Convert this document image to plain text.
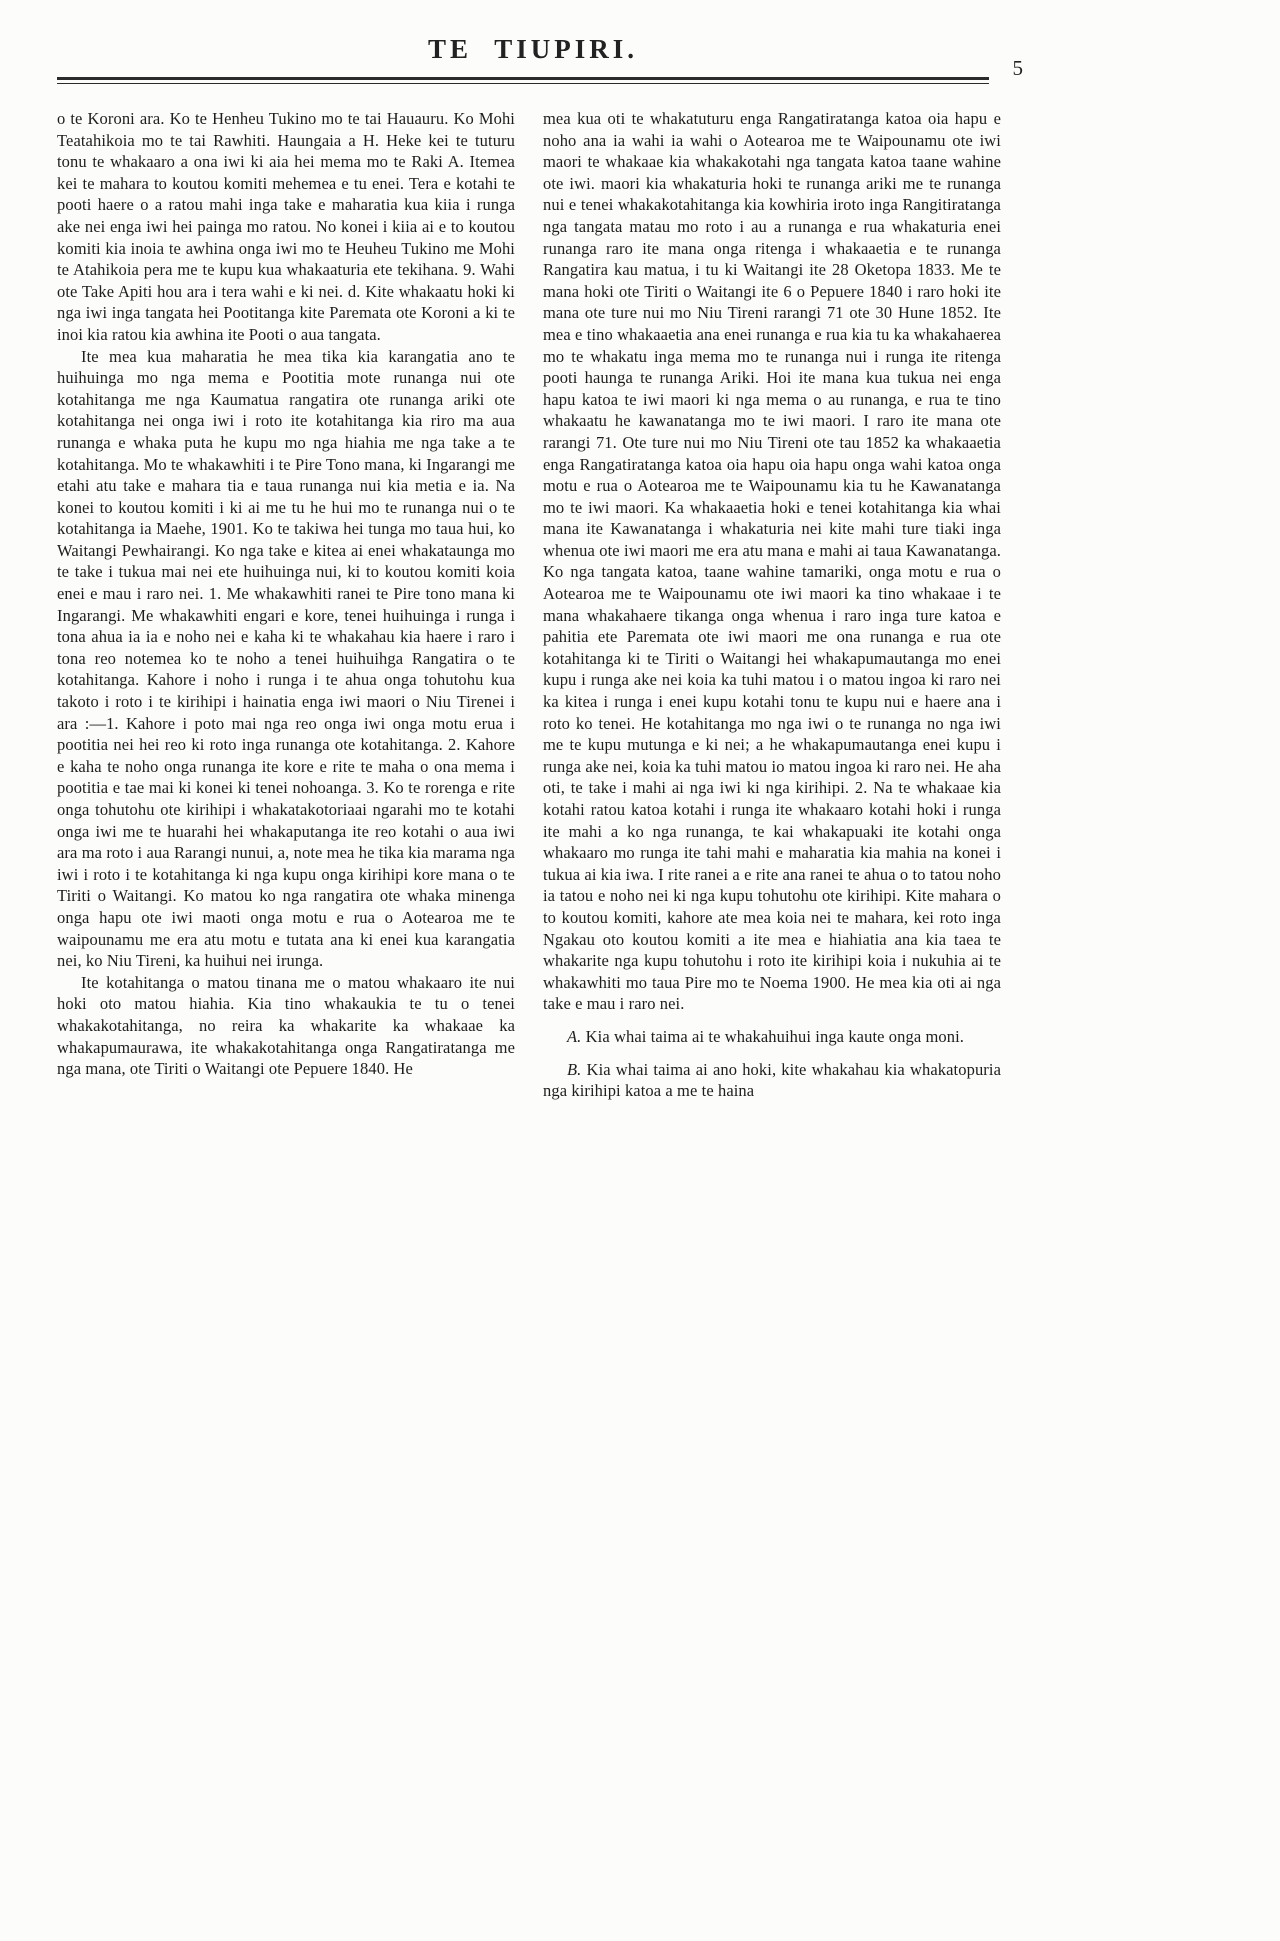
TE TIUPIRI.
5

o te Koroni ara. Ko te Henheu Tukino mo te tai Hauauru. Ko Mohi Teatahikoia mo te tai Rawhiti. Haungaia a H. Heke kei te tuturu tonu te whakaaro a ona iwi ki aia hei mema mo te Raki A. Itemea kei te mahara to koutou komiti mehemea e tu enei. Tera e kotahi te pooti haere o a ratou mahi inga take e maharatia kua kiia i runga ake nei enga iwi hei painga mo ratou. No konei i kiia ai e to koutou komiti kia inoia te awhina onga iwi mo te Heuheu Tukino me Mohi te Atahikoia pera me te kupu kua whakaaturia ete tekihana. 9. Wahi ote Take Apiti hou ara i tera wahi e ki nei. d. Kite whakaatu hoki ki nga iwi inga tangata hei Pootitanga kite Paremata ote Koroni a ki te inoi kia ratou kia awhina ite Pooti o aua tangata.

Ite mea kua maharatia he mea tika kia karangatia ano te huihuinga mo nga mema e Pootitia mote runanga nui ote kotahitanga me nga Kaumatua rangatira ote runanga ariki ote kotahitanga nei onga iwi i roto ite kotahitanga kia riro ma aua runanga e whaka puta he kupu mo nga hiahia me nga take a te kotahitanga. Mo te whakawhiti i te Pire Tono mana, ki Ingarangi me etahi atu take e mahara tia e taua runanga nui kia metia e ia. Na konei to koutou komiti i ki ai me tu he hui mo te runanga nui o te kotahitanga ia Maehe, 1901. Ko te takiwa hei tunga mo taua hui, ko Waitangi Pewhairangi. Ko nga take e kitea ai enei whakataunga mo te take i tukua mai nei ete huihuinga nui, ki to koutou komiti koia enei e mau i raro nei. 1. Me whakawhiti ranei te Pire tono mana ki Ingarangi. Me whakawhiti engari e kore, tenei huihuinga i runga i tona ahua ia ia e noho nei e kaha ki te whakahau kia haere i raro i tona reo notemea ko te noho a tenei huihuihga Rangatira o te kotahitanga. Kahore i noho i runga i te ahua onga tohutohu kua takoto i roto i te kirihipi i hainatia enga iwi maori o Niu Tirenei i ara :—1. Kahore i poto mai nga reo onga iwi onga motu erua i pootitia nei hei reo ki roto inga runanga ote kotahitanga. 2. Kahore e kaha te noho onga runanga ite kore e rite te maha o ona mema i pootitia e tae mai ki konei ki tenei nohoanga. 3. Ko te rorenga e rite onga tohutohu ote kirihipi i whakatakotoriaai ngarahi mo te kotahi onga iwi me te huarahi hei whakaputanga ite reo kotahi o aua iwi ara ma roto i aua Rarangi nunui, a, note mea he tika kia marama nga iwi i roto i te kotahitanga ki nga kupu onga kirihipi kore mana o te Tiriti o Waitangi. Ko matou ko nga rangatira ote whaka minenga onga hapu ote iwi maoti onga motu e rua o Aotearoa me te waipounamu me era atu motu e tutata ana ki enei kua karangatia nei, ko Niu Tireni, ka huihui nei irunga.

Ite kotahitanga o matou tinana me o matou whakaaro ite nui hoki oto matou hiahia. Kia tino whakaukia te tu o tenei whakakotahitanga, no reira ka whakarite ka whakaae ka whakapumaurawa, ite whakakotahitanga onga Rangatiratanga me nga mana, ote Tiriti o Waitangi ote Pepuere 1840. He

mea kua oti te whakatuturu enga Rangatiratanga katoa oia hapu e noho ana ia wahi ia wahi o Aotearoa me te Waipounamu ote iwi maori te whakaae kia whakakotahi nga tangata katoa taane wahine ote iwi. maori kia whakaturia hoki te runanga ariki me te runanga nui e tenei whakakotahitanga kia kowhiria iroto inga Rangitiratanga nga tangata matau mo roto i au a runanga e rua whakaturia enei runanga raro ite mana onga ritenga i whakaaetia e te runanga Rangatira kau matua, i tu ki Waitangi ite 28 Oketopa 1833. Me te mana hoki ote Tiriti o Waitangi ite 6 o Pepuere 1840 i raro hoki ite mana ote ture nui mo Niu Tireni rarangi 71 ote 30 Hune 1852. Ite mea e tino whakaaetia ana enei runanga e rua kia tu ka whakahaerea mo te whakatu inga mema mo te runanga nui i runga ite ritenga pooti haunga te runanga Ariki. Hoi ite mana kua tukua nei enga hapu katoa te iwi maori ki nga mema o au runanga, e rua te tino whakaatu he kawanatanga mo te iwi maori. I raro ite mana ote rarangi 71. Ote ture nui mo Niu Tireni ote tau 1852 ka whakaaetia enga Rangatiratanga katoa oia hapu oia hapu onga wahi katoa onga motu e rua o Aotearoa me te Waipounamu kia tu he Kawanatanga mo te iwi maori. Ka whakaaetia hoki e tenei kotahitanga kia whai mana ite Kawanatanga i whakaturia nei kite mahi ture tiaki inga whenua ote iwi maori me era atu mana e mahi ai taua Kawanatanga. Ko nga tangata katoa, taane wahine tamariki, onga motu e rua o Aotearoa me te Waipounamu ote iwi maori ka tino whakaae i te mana whakahaere tikanga onga whenua i raro inga ture katoa e pahitia ete Paremata ote iwi maori me ona runanga e rua ote kotahitanga ki te Tiriti o Waitangi hei whakapumautanga mo enei kupu i runga ake nei koia ka tuhi matou i o matou ingoa ki raro nei ka kitea i runga i enei kupu kotahi tonu te kupu nui e haere ana i roto ko tenei. He kotahitanga mo nga iwi o te runanga no nga iwi me te kupu mutunga e ki nei; a he whakapumautanga enei kupu i runga ake nei, koia ka tuhi matou io matou ingoa ki raro nei. He aha oti, te take i mahi ai nga iwi ki nga kirihipi. 2. Na te whakaae kia kotahi ratou katoa kotahi i runga ite whakaaro kotahi hoki i runga ite mahi a ko nga runanga, te kai whakapuaki ite kotahi onga whakaaro mo runga ite tahi mahi e maharatia kia mahia na konei i tukua ai kia iwa. I rite ranei a e rite ana ranei te ahua o to tatou noho ia tatou e noho nei ki nga kupu tohutohu ote kirihipi. Kite mahara o to koutou komiti, kahore ate mea koia nei te mahara, kei roto inga Ngakau oto koutou komiti a ite mea e hiahiatia ana kia taea te whakarite nga kupu tohutohu i roto ite kirihipi koia i nukuhia ai te whakawhiti mo taua Pire mo te Noema 1900. He mea kia oti ai nga take e mau i raro nei.

A. Kia whai taima ai te whakahuihui inga kaute onga moni.

B. Kia whai taima ai ano hoki, kite whakahau kia whakatopuria nga kirihipi katoa a me te haina
